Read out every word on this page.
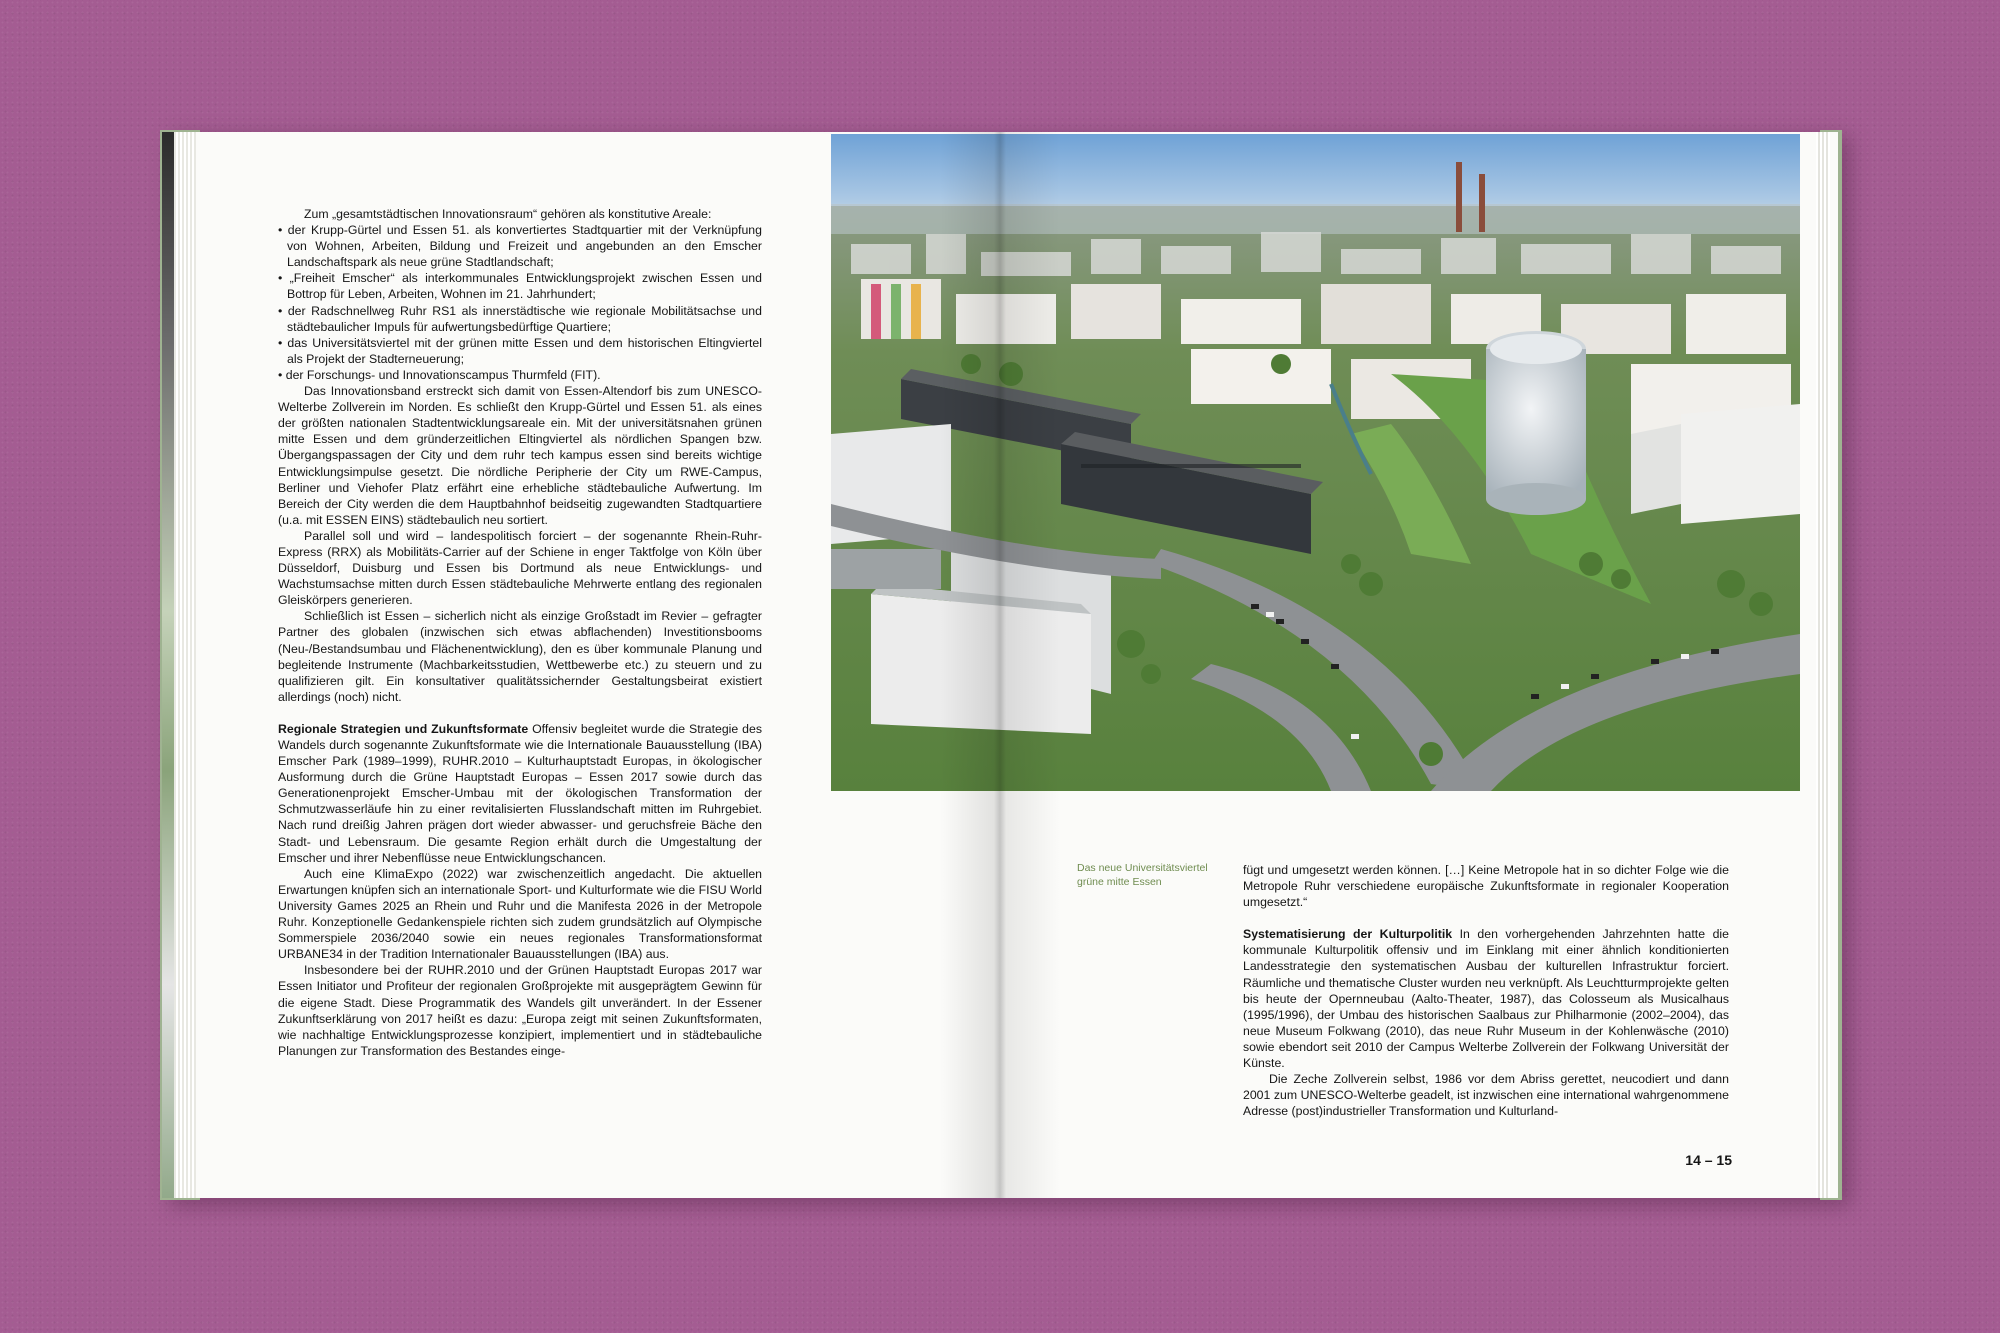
Zum „gesamtstädtischen Innovationsraum“ gehören als konstitutive Areale:

• der Krupp-Gürtel und Essen 51. als konvertiertes Stadtquartier mit der Verknüpfung von Wohnen, Arbeiten, Bildung und Freizeit und angebunden an den Emscher Landschaftspark als neue grüne Stadtlandschaft;
• „Freiheit Emscher“ als interkommunales Entwicklungsprojekt zwischen Essen und Bottrop für Leben, Arbeiten, Wohnen im 21. Jahrhundert;
• der Radschnellweg Ruhr RS1 als innerstädtische wie regionale Mobilitätsachse und städtebaulicher Impuls für aufwertungsbedürftige Quartiere;
• das Universitätsviertel mit der grünen mitte Essen und dem historischen Eltingviertel als Projekt der Stadterneuerung;
• der Forschungs- und Innovationscampus Thurmfeld (FIT).

Das Innovationsband erstreckt sich damit von Essen-Altendorf bis zum UNESCO-Welterbe Zollverein im Norden. Es schließt den Krupp-Gürtel und Essen 51. als eines der größten nationalen Stadtentwicklungsareale ein. Mit der universitätsnahen grünen mitte Essen und dem gründerzeitlichen Eltingviertel als nördlichen Spangen bzw. Übergangspassagen der City und dem ruhr tech kampus essen sind bereits wichtige Entwicklungsimpulse gesetzt. Die nördliche Peripherie der City um RWE-Campus, Berliner und Viehofer Platz erfährt eine erhebliche städtebauliche Aufwertung. Im Bereich der City werden die dem Hauptbahnhof beidseitig zugewandten Stadtquartiere (u.a. mit ESSEN EINS) städtebaulich neu sortiert.

Parallel soll und wird – landespolitisch forciert – der sogenannte Rhein-Ruhr-Express (RRX) als Mobilitäts-Carrier auf der Schiene in enger Taktfolge von Köln über Düsseldorf, Duisburg und Essen bis Dortmund als neue Entwicklungs- und Wachstumsachse mitten durch Essen städtebauliche Mehrwerte entlang des regionalen Gleiskörpers generieren.

Schließlich ist Essen – sicherlich nicht als einzige Großstadt im Revier – gefragter Partner des globalen (inzwischen sich etwas abflachenden) Investitionsbooms (Neu-/Bestandsumbau und Flächenentwicklung), den es über kommunale Planung und begleitende Instrumente (Machbarkeitsstudien, Wettbewerbe etc.) zu steuern und zu qualifizieren gilt. Ein konsultativer qualitätssichernder Gestaltungsbeirat existiert allerdings (noch) nicht.

Regionale Strategien und Zukunftsformate Offensiv begleitet wurde die Strategie des Wandels durch sogenannte Zukunftsformate wie die Internationale Bauausstellung (IBA) Emscher Park (1989–1999), RUHR.2010 – Kulturhauptstadt Europas, in ökologischer Ausformung durch die Grüne Hauptstadt Europas – Essen 2017 sowie durch das Generationenprojekt Emscher-Umbau mit der ökologischen Transformation der Schmutzwasserläufe hin zu einer revitalisierten Flusslandschaft mitten im Ruhrgebiet. Nach rund dreißig Jahren prägen dort wieder abwasser- und geruchsfreie Bäche den Stadt- und Lebensraum. Die gesamte Region erhält durch die Umgestaltung der Emscher und ihrer Nebenflüsse neue Entwicklungschancen.

Auch eine KlimaExpo (2022) war zwischenzeitlich angedacht. Die aktuellen Erwartungen knüpfen sich an internationale Sport- und Kulturformate wie die FISU World University Games 2025 an Rhein und Ruhr und die Manifesta 2026 in der Metropole Ruhr. Konzeptionelle Gedankenspiele richten sich zudem grundsätzlich auf Olympische Sommerspiele 2036/2040 sowie ein neues regionales Transformationsformat URBANE34 in der Tradition Internationaler Bauausstellungen (IBA) aus.

Insbesondere bei der RUHR.2010 und der Grünen Hauptstadt Europas 2017 war Essen Initiator und Profiteur der regionalen Großprojekte mit ausgeprägtem Gewinn für die eigene Stadt. Diese Programmatik des Wandels gilt unverändert. In der Essener Zukunftserklärung von 2017 heißt es dazu: „Europa zeigt mit seinen Zukunftsformaten, wie nachhaltige Entwicklungsprozesse konzipiert, implementiert und in städtebauliche Planungen zur Transformation des Bestandes einge-

Das neue Universitätsviertel
grüne mitte Essen

fügt und umgesetzt werden können. […] Keine Metropole hat in so dichter Folge wie die Metropole Ruhr verschiedene europäische Zukunftsformate in regionaler Kooperation umgesetzt.“

Systematisierung der Kulturpolitik In den vorhergehenden Jahrzehnten hatte die kommunale Kulturpolitik offensiv und im Einklang mit einer ähnlich konditionierten Landesstrategie den systematischen Ausbau der kulturellen Infrastruktur forciert. Räumliche und thematische Cluster wurden neu verknüpft. Als Leuchtturmprojekte gelten bis heute der Opernneubau (Aalto-Theater, 1987), das Colosseum als Musicalhaus (1995/1996), der Umbau des historischen Saalbaus zur Philharmonie (2002–2004), das neue Museum Folkwang (2010), das neue Ruhr Museum in der Kohlenwäsche (2010) sowie ebendort seit 2010 der Campus Welterbe Zollverein der Folkwang Universität der Künste.

Die Zeche Zollverein selbst, 1986 vor dem Abriss gerettet, neucodiert und dann 2001 zum UNESCO-Welterbe geadelt, ist inzwischen eine international wahrgenommene Adresse (post)industrieller Transformation und Kulturland-

14 – 15
